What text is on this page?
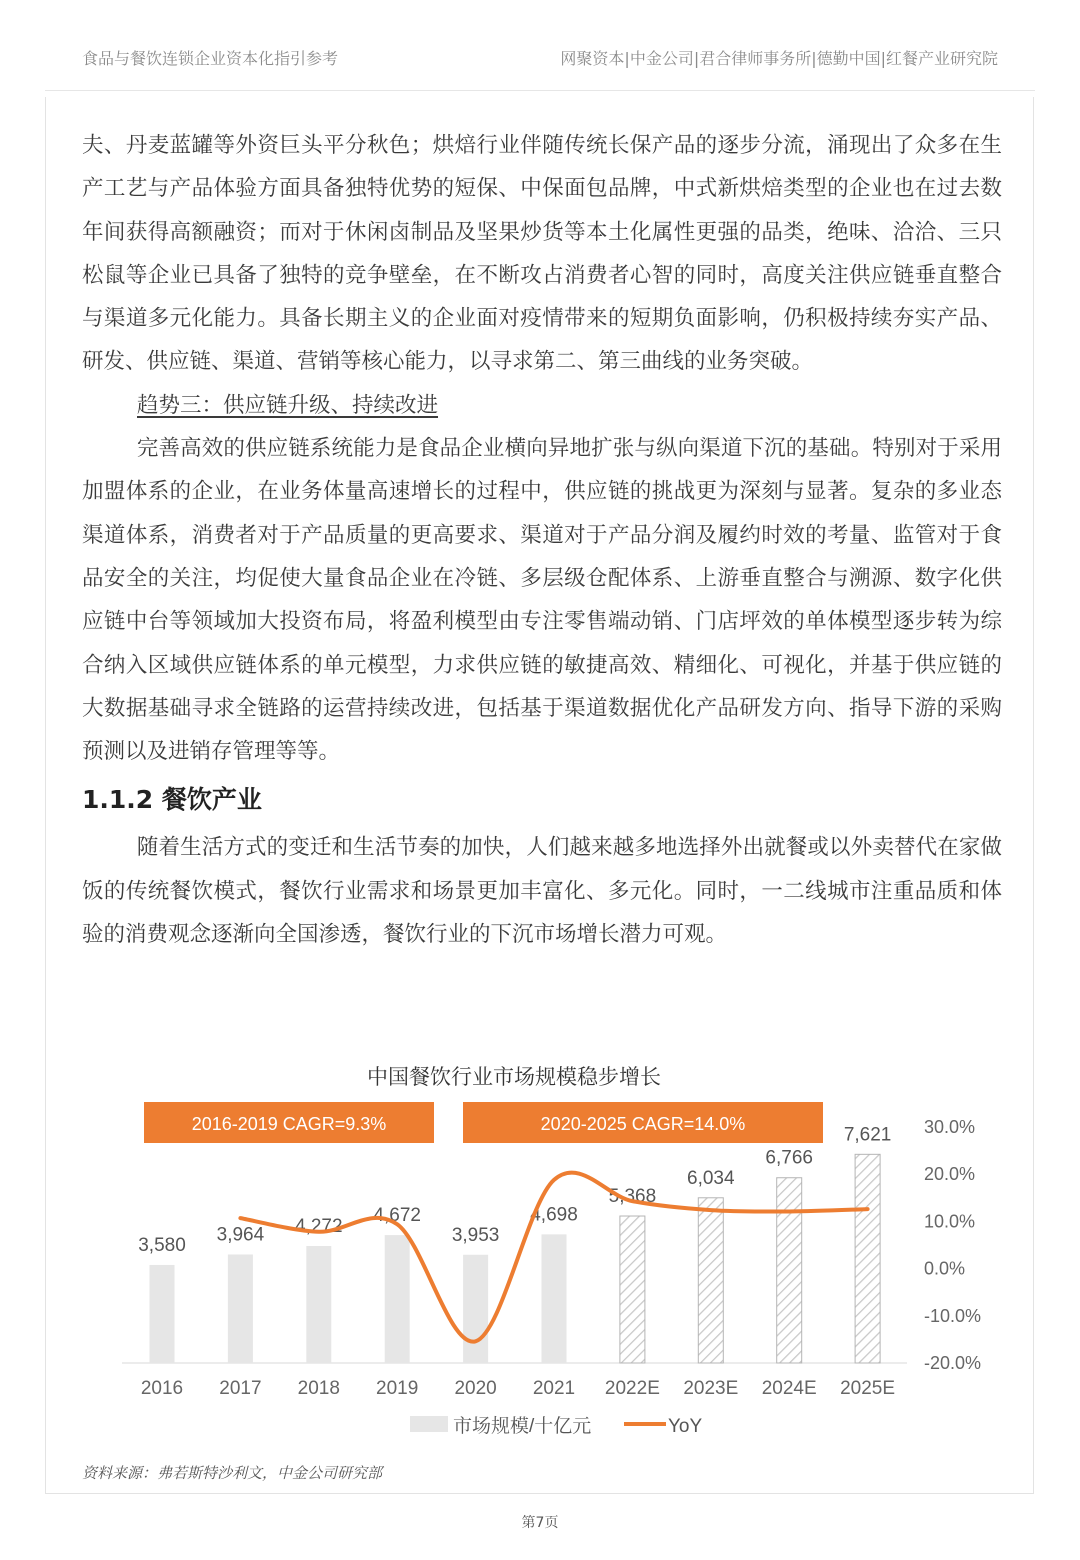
食品与餐饮连锁企业资本化指引参考	网聚资本|中金公司|君合律师事务所|德勤中国|红餐产业研究院

夫、丹麦蓝罐等外资巨头平分秋色；烘焙行业伴随传统长保产品的逐步分流，涌现出了众多在生产工艺与产品体验方面具备独特优势的短保、中保面包品牌，中式新烘焙类型的企业也在过去数年间获得高额融资；而对于休闲卤制品及坚果炒货等本土化属性更强的品类，绝味、洽洽、三只松鼠等企业已具备了独特的竞争壁垒，在不断攻占消费者心智的同时，高度关注供应链垂直整合与渠道多元化能力。具备长期主义的企业面对疫情带来的短期负面影响，仍积极持续夯实产品、研发、供应链、渠道、营销等核心能力，以寻求第二、第三曲线的业务突破。

趋势三：供应链升级、持续改进

完善高效的供应链系统能力是食品企业横向异地扩张与纵向渠道下沉的基础。特别对于采用加盟体系的企业，在业务体量高速增长的过程中，供应链的挑战更为深刻与显著。复杂的多业态渠道体系，消费者对于产品质量的更高要求、渠道对于产品分润及履约时效的考量、监管对于食品安全的关注，均促使大量食品企业在冷链、多层级仓配体系、上游垂直整合与溯源、数字化供应链中台等领域加大投资布局，将盈利模型由专注零售端动销、门店坪效的单体模型逐步转为综合纳入区域供应链体系的单元模型，力求供应链的敏捷高效、精细化、可视化，并基于供应链的大数据基础寻求全链路的运营持续改进，包括基于渠道数据优化产品研发方向、指导下游的采购预测以及进销存管理等等。

1.1.2 餐饮产业

随着生活方式的变迁和生活节奏的加快，人们越来越多地选择外出就餐或以外卖替代在家做饭的传统餐饮模式，餐饮行业需求和场景更加丰富化、多元化。同时，一二线城市注重品质和体验的消费观念逐渐向全国渗透，餐饮行业的下沉市场增长潜力可观。

中国餐饮行业市场规模稳步增长
2016-2019 CAGR=9.3%	2020-2025 CAGR=14.0%
3,580
2016
3,964
2017
4,272
2018
4,672
2019
3,953
2020
4,698
2021
5,368
2022E
6,034
2023E
6,766
2024E
7,621
2025E
30.0%
20.0%
10.0%
0.0%
-10.0%
-20.0%
市场规模/十亿元	YoY
资料来源：弗若斯特沙利文，中金公司研究部
第7页
